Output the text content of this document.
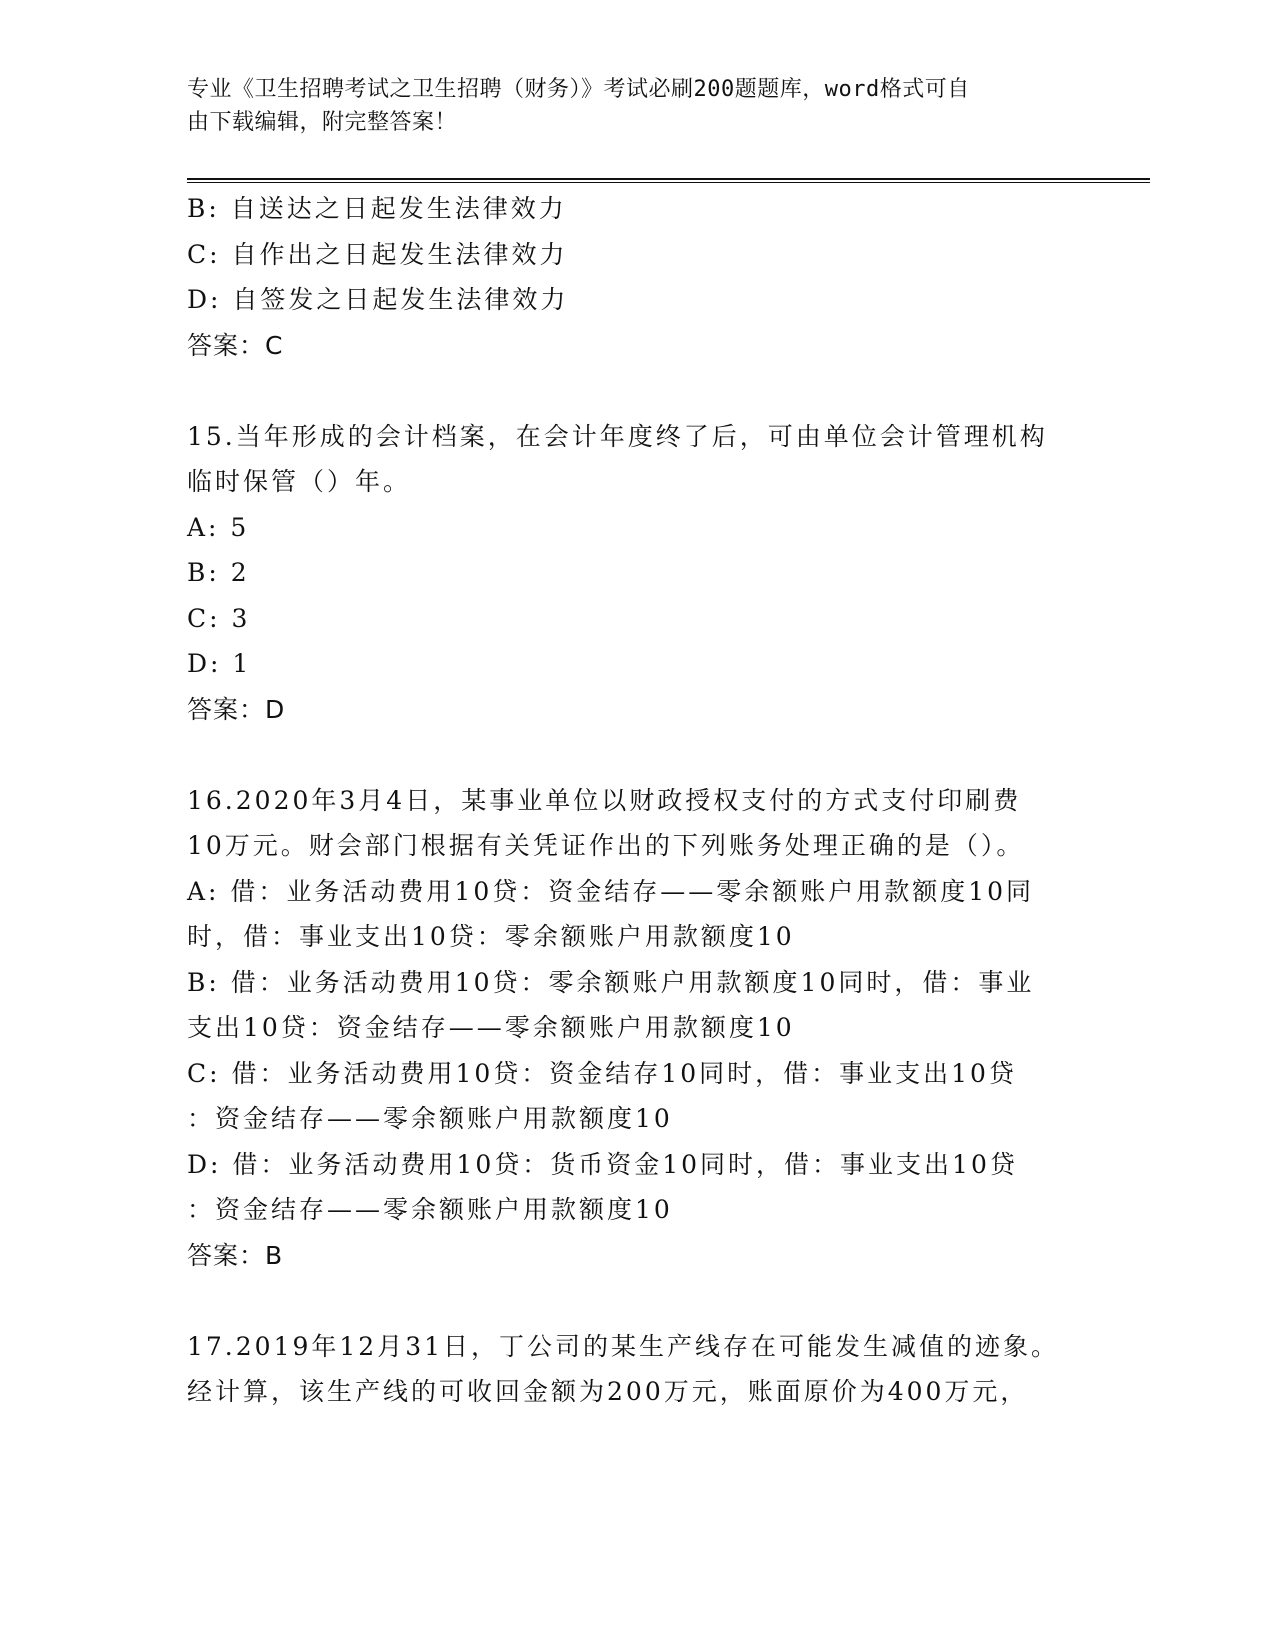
专业《卫生招聘考试之卫生招聘（财务）》考试必刷200题题库，word格式可自
由下载编辑，附完整答案！

B: 自送达之日起发生法律效力

C: 自作出之日起发生法律效力

D: 自签发之日起发生法律效力

答案：C

15.当年形成的会计档案，在会计年度终了后，可由单位会计管理机构

临时保管（）年。

A: 5

B: 2

C: 3

D: 1

答案：D

16.2020年3月4日，某事业单位以财政授权支付的方式支付印刷费

10万元。财会部门根据有关凭证作出的下列账务处理正确的是（）。

A: 借：业务活动费用10贷：资金结存——零余额账户用款额度10同

时，借：事业支出10贷：零余额账户用款额度10

B: 借：业务活动费用10贷：零余额账户用款额度10同时，借：事业

支出10贷：资金结存——零余额账户用款额度10

C: 借：业务活动费用10贷：资金结存10同时，借：事业支出10贷

：资金结存——零余额账户用款额度10

D: 借：业务活动费用10贷：货币资金10同时，借：事业支出10贷

：资金结存——零余额账户用款额度10

答案：B

17.2019年12月31日，丁公司的某生产线存在可能发生减值的迹象。

经计算，该生产线的可收回金额为200万元，账面原价为400万元，
